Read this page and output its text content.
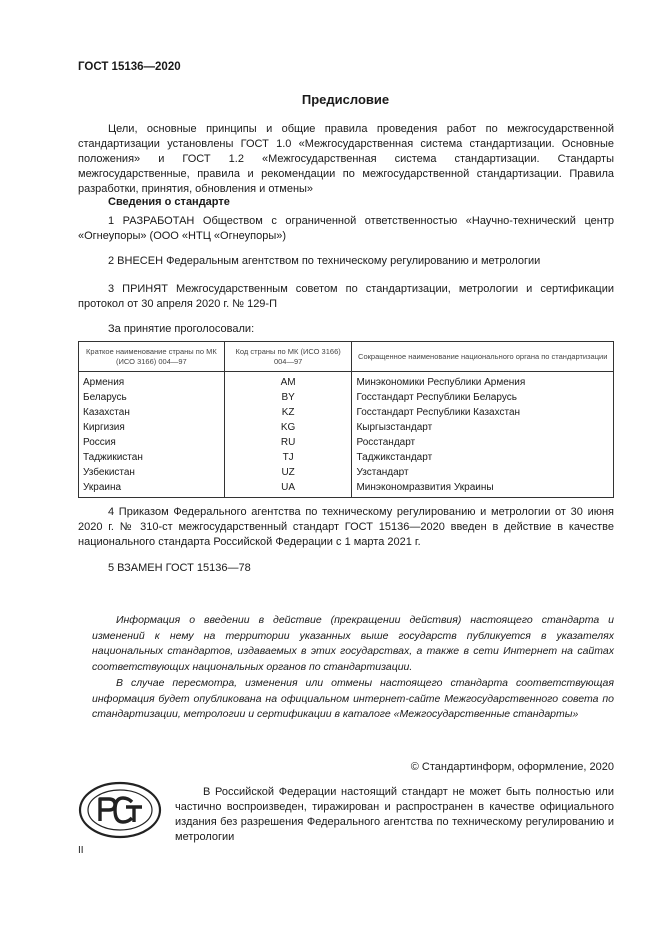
ГОСТ 15136—2020
Предисловие
Цели, основные принципы и общие правила проведения работ по межгосударственной стандартизации установлены ГОСТ 1.0 «Межгосударственная система стандартизации. Основные положения» и ГОСТ 1.2 «Межгосударственная система стандартизации. Стандарты межгосударственные, правила и рекомендации по межгосударственной стандартизации. Правила разработки, принятия, обновления и отмены»
Сведения о стандарте
1 РАЗРАБОТАН Обществом с ограниченной ответственностью «Научно-технический центр «Огнеупоры» (ООО «НТЦ «Огнеупоры»)
2 ВНЕСЕН Федеральным агентством по техническому регулированию и метрологии
3 ПРИНЯТ Межгосударственным советом по стандартизации, метрологии и сертификации протокол от 30 апреля 2020 г. № 129-П
За принятие проголосовали:
Краткое наименование страны по МК (ИСО 3166) 004—97	Код страны по МК (ИСО 3166) 004—97	Сокращенное наименование национального органа по стандартизации
Армения	AM	Минэкономики Республики Армения
Беларусь	BY	Госстандарт Республики Беларусь
Казахстан	KZ	Госстандарт Республики Казахстан
Киргизия	KG	Кыргызстандарт
Россия	RU	Росстандарт
Таджикистан	TJ	Таджикстандарт
Узбекистан	UZ	Узстандарт
Украина	UA	Минэкономразвития Украины
4 Приказом Федерального агентства по техническому регулированию и метрологии от 30 июня 2020 г. № 310-ст межгосударственный стандарт ГОСТ 15136—2020 введен в действие в качестве национального стандарта Российской Федерации с 1 марта 2021 г.
5 ВЗАМЕН ГОСТ 15136—78
Информация о введении в действие (прекращении действия) настоящего стандарта и изменений к нему на территории указанных выше государств публикуется в указателях национальных стандартов, издаваемых в этих государствах, а также в сети Интернет на сайтах соответствующих национальных органов по стандартизации.
В случае пересмотра, изменения или отмены настоящего стандарта соответствующая информация будет опубликована на официальном интернет-сайте Межгосударственного совета по стандартизации, метрологии и сертификации в каталоге «Межгосударственные стандарты»
© Стандартинформ, оформление, 2020
В Российской Федерации настоящий стандарт не может быть полностью или частично воспроизведен, тиражирован и распространен в качестве официального издания без разрешения Федерального агентства по техническому регулированию и метрологии
II
